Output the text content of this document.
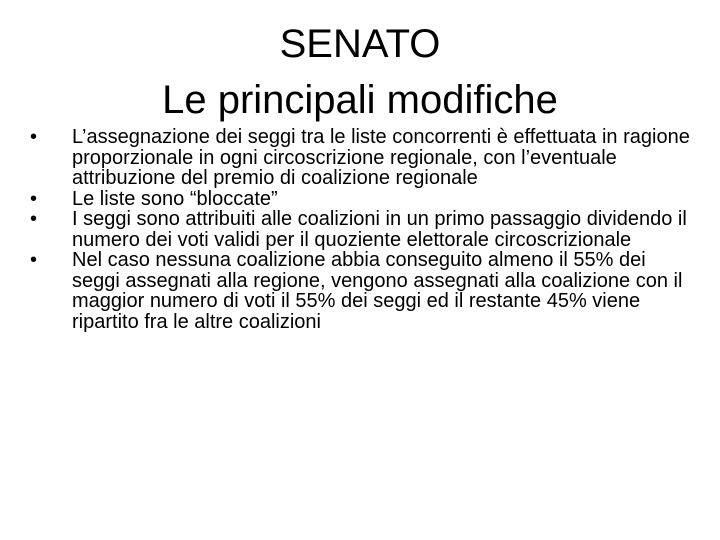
SENATO
Le principali modifiche
•	L’assegnazione dei seggi tra le liste concorrenti è effettuata in ragione proporzionale in ogni circoscrizione regionale, con l’eventuale attribuzione del premio di coalizione regionale
•	Le liste sono “bloccate”
•	I seggi sono attribuiti alle coalizioni in un primo passaggio dividendo il numero dei voti validi per il quoziente elettorale circoscrizionale
•	Nel caso nessuna coalizione abbia conseguito almeno il 55% dei seggi assegnati alla regione, vengono assegnati alla coalizione con il maggior numero di voti il 55% dei seggi ed il restante 45% viene ripartito fra le altre coalizioni
